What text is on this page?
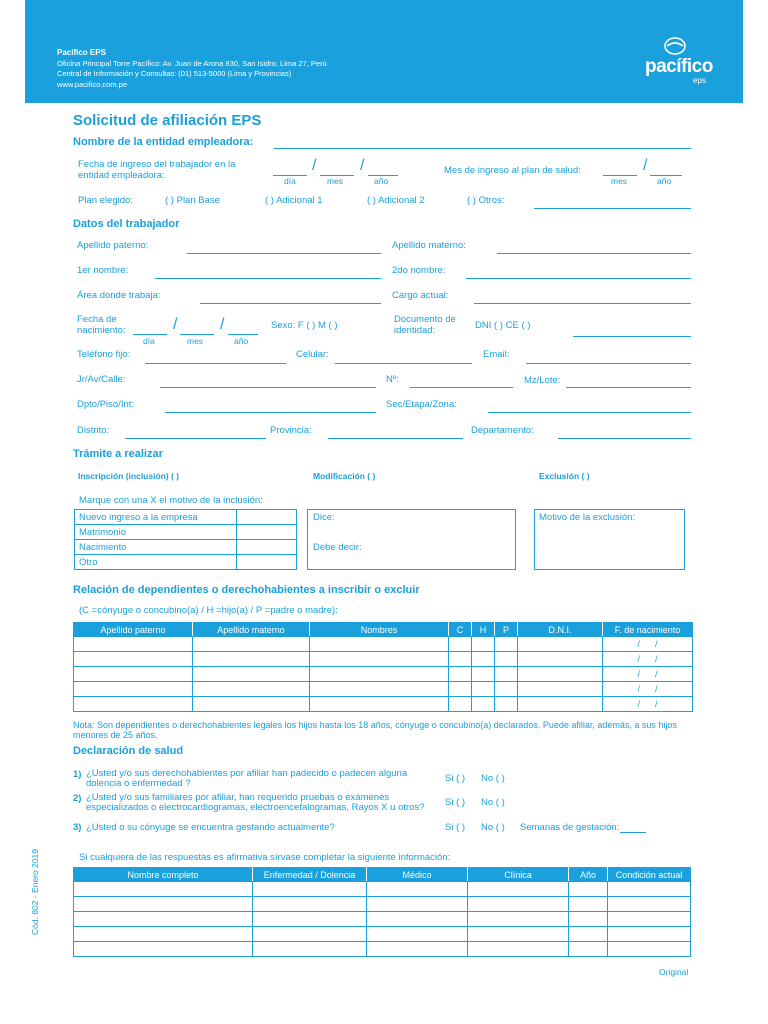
Pacífico EPS
Oficina Principal Torre Pacífico: Av. Juan de Arona 830, San Isidro, Lima 27, Perú
Central de Información y Consultas: (01) 513-5000 (Lima y Provincias)
www.pacifico.com.pe
pacífico
eps
Solicitud de afiliación EPS
Nombre de la entidad empleadora:
Fecha de ingreso del trabajador en la entidad empleadora:
/	/
día	mes	año
Mes de ingreso al plan de salud:	/
mes	año
Plan elegido:	( ) Plan Base	( ) Adicional 1	( ) Adicional 2	( ) Otros:
Datos del trabajador
Apellido paterno:	Apellido materno:
1er nombre:	2do nombre:
Área donde trabaja:	Cargo actual:
Fecha de nacimiento:	/	/
día	mes	año
Sexo: F ( ) M ( )
Documento de identidad:	DNI ( ) CE ( )
Teléfono fijo:	Celular:	Email:
Jr/Av/Calle:	Nº:	Mz/Lote:
Dpto/Piso/Int:	Sec/Etapa/Zona:
Distrito:	Provincia:	Departamento:
Trámite a realizar
Inscripción (inclusión) ( )	Modificación ( )	Exclusión ( )
Marque con una X el motivo de la inclusión:
Nuevo ingreso a la empresa	
Matrimonio	
Nacimiento	
Otro	
Dice:
Debe decir:
Motivo de la exclusión:
Relación de dependientes o derechohabientes a inscribir o excluir
(C =cónyuge o concubino(a) / H =hijo(a) / P =padre o madre):
Apellido paterno	Apellido materno	Nombres	C	H	P	D.N.I.	F. de nacimiento
							/      /
							/      /
							/      /
							/      /
							/      /
Nota: Son dependientes o derechohabientes legales los hijos hasta los 18 años, cónyuge o concubino(a) declarados. Puede afiliar, además, a sus hijos menores de 25 años.
Declaración de salud
1) ¿Usted y/o sus derechohabientes por afiliar han padecido o padecen alguna dolencia o enfermedad ?	Si ( ) No ( )
2) ¿Usted y/o sus familiares por afiliar, han requerido pruebas o exámenes especializados o electrocardiogramas, electroencefalogramas, Rayos X u otros? Si ( ) No ( )
3) ¿Usted o su cónyuge se encuentra gestando actualmente?	Si ( ) No ( ) Semanas de gestación:
Si cualquiera de las respuestas es afirmativa sírvase completar la siguiente información:
Nombre completo	Enfermedad / Dolencia	Médico	Clínica	Año	Condición actual

Cód. 802 - Enero 2019
Original
